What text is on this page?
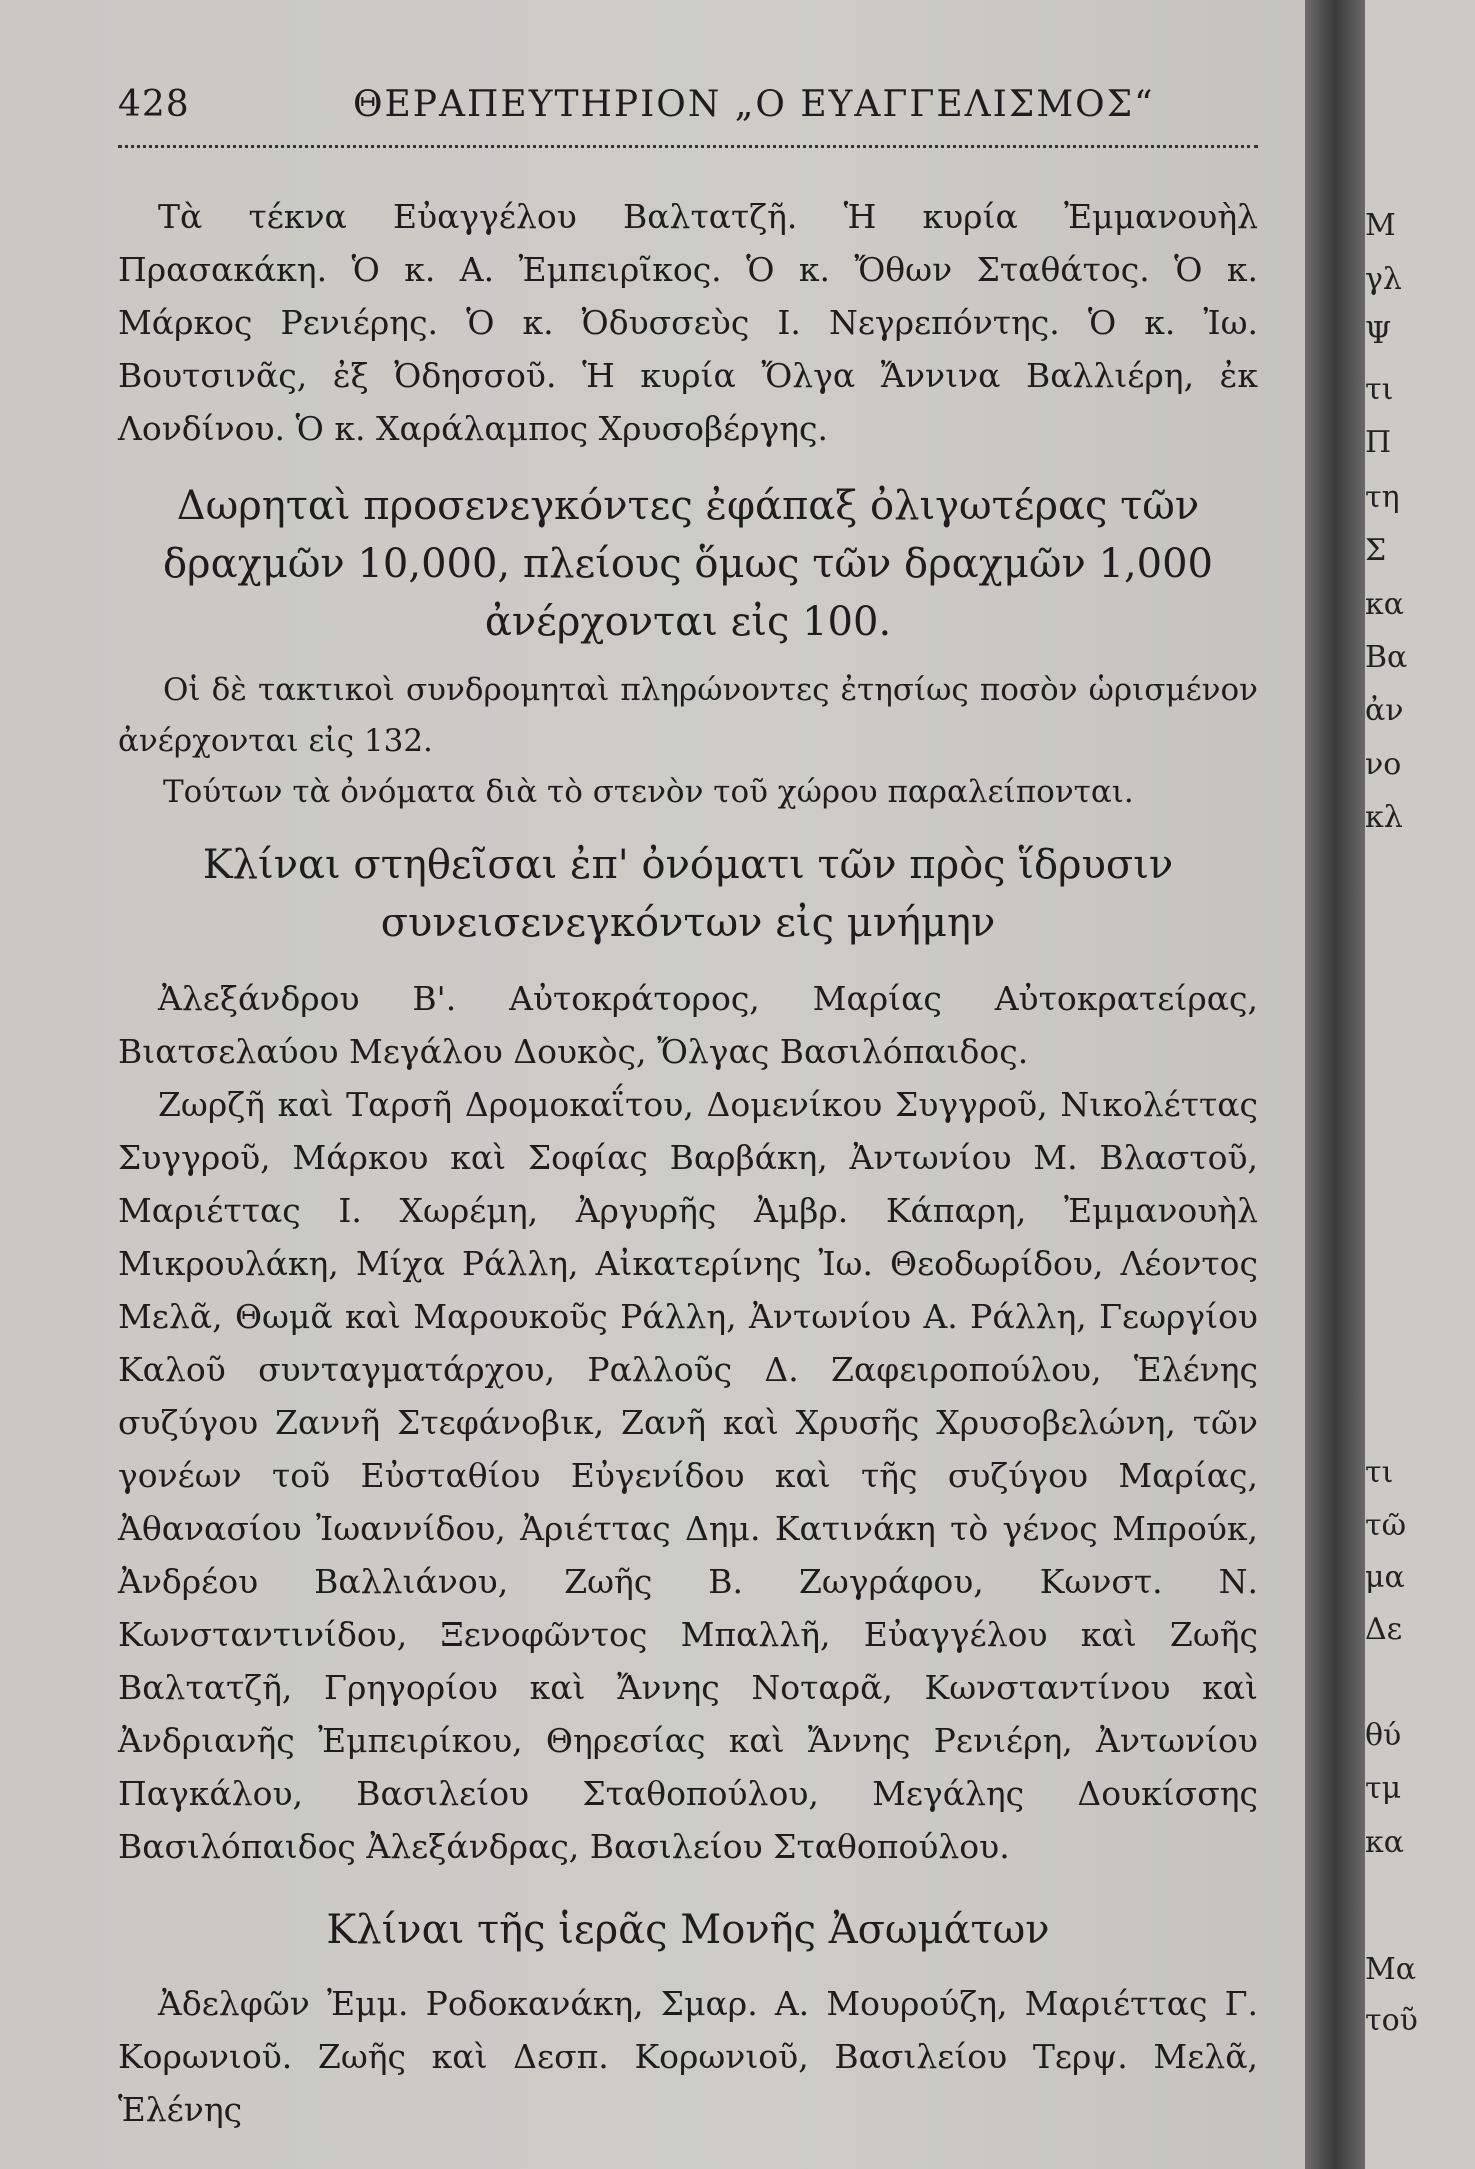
428	ΘΕΡΑΠΕΥΤΗΡΙΟΝ „Ο ΕΥΑΓΓΕΛΙΣΜΟΣ“

Τὰ τέκνα Εὐαγγέλου Βαλτατζῆ. Ἡ κυρία Ἐμμανουὴλ Πρασακάκη. Ὁ κ. Α. Ἐμπειρῖκος. Ὁ κ. Ὄθων Σταθάτος. Ὁ κ. Μάρκος Ρενιέρης. Ὁ κ. Ὀδυσσεὺς Ι. Νεγρεπόντης. Ὁ κ. Ἰω. Βουτσινᾶς, ἐξ Ὀδησσοῦ. Ἡ κυρία Ὄλγα Ἄννινα Βαλλιέρη, ἐκ Λονδίνου. Ὁ κ. Χαράλαμπος Χρυσοβέργης.

Δωρηταὶ προσενεγκόντες ἐφάπαξ ὀλιγωτέρας τῶν δραχμῶν 10,000, πλείους ὅμως τῶν δραχμῶν 1,000 ἀνέρχονται εἰς 100.

Οἱ δὲ τακτικοὶ συνδρομηταὶ πληρώνοντες ἐτησίως ποσὸν ὡρισμένον ἀνέρχονται εἰς 132.

Τούτων τὰ ὀνόματα διὰ τὸ στενὸν τοῦ χώρου παραλείπονται.

Κλίναι στηθεῖσαι ἐπ' ὀνόματι τῶν πρὸς ἵδρυσιν συνεισενεγκόντων εἰς μνήμην

Ἀλεξάνδρου Β'. Αὐτοκράτορος, Μαρίας Αὐτοκρατείρας, Βιατσελαύου Μεγάλου Δουκὸς, Ὄλγας Βασιλόπαιδος.

Ζωρζῆ καὶ Ταρσῆ Δρομοκαΐτου, Δομενίκου Συγγροῦ, Νικολέττας Συγγροῦ, Μάρκου καὶ Σοφίας Βαρβάκη, Ἀντωνίου Μ. Βλαστοῦ, Μαριέττας Ι. Χωρέμη, Ἀργυρῆς Ἀμβρ. Κάπαρη, Ἐμμανουὴλ Μικρουλάκη, Μίχα Ράλλη, Αἰκατερίνης Ἰω. Θεοδωρίδου, Λέοντος Μελᾶ, Θωμᾶ καὶ Μαρουκοῦς Ράλλη, Ἀντωνίου Α. Ράλλη, Γεωργίου Καλοῦ συνταγματάρχου, Ραλλοῦς Δ. Ζαφειροπούλου, Ἑλένης συζύγου Ζαννῆ Στεφάνοβικ, Ζανῆ καὶ Χρυσῆς Χρυσοβελώνη, τῶν γονέων τοῦ Εὐσταθίου Εὐγενίδου καὶ τῆς συζύγου Μαρίας, Ἀθανασίου Ἰωαννίδου, Ἀριέττας Δημ. Κατινάκη τὸ γένος Μπρούκ, Ἀνδρέου Βαλλιάνου, Ζωῆς Β. Ζωγράφου, Κωνστ. Ν. Κωνσταντινίδου, Ξενοφῶντος Μπαλλῆ, Εὐαγγέλου καὶ Ζωῆς Βαλτατζῆ, Γρηγορίου καὶ Ἄννης Νοταρᾶ, Κωνσταντίνου καὶ Ἀνδριανῆς Ἐμπειρίκου, Θηρεσίας καὶ Ἄννης Ρενιέρη, Ἀντωνίου Παγκάλου, Βασιλείου Σταθοπούλου, Μεγάλης Δουκίσσης Βασιλόπαιδος Ἀλεξάνδρας, Βασιλείου Σταθοπούλου.

Κλίναι τῆς ἱερᾶς Μονῆς Ἀσωμάτων

Ἀδελφῶν Ἐμμ. Ροδοκανάκη, Σμαρ. Α. Μουρούζη, Μαριέττας Γ. Κορωνιοῦ. Ζωῆς καὶ Δεσπ. Κορωνιοῦ, Βασιλείου Τερψ. Μελᾶ, Ἑλένης

Μ
γλ
Ψ
τι
Π
τη
Σ
κα
Βα
ἀν
νο
κλ
τι
τῶ
μα
Δε
θύ
τμ
κα
Μα
τοῦ
